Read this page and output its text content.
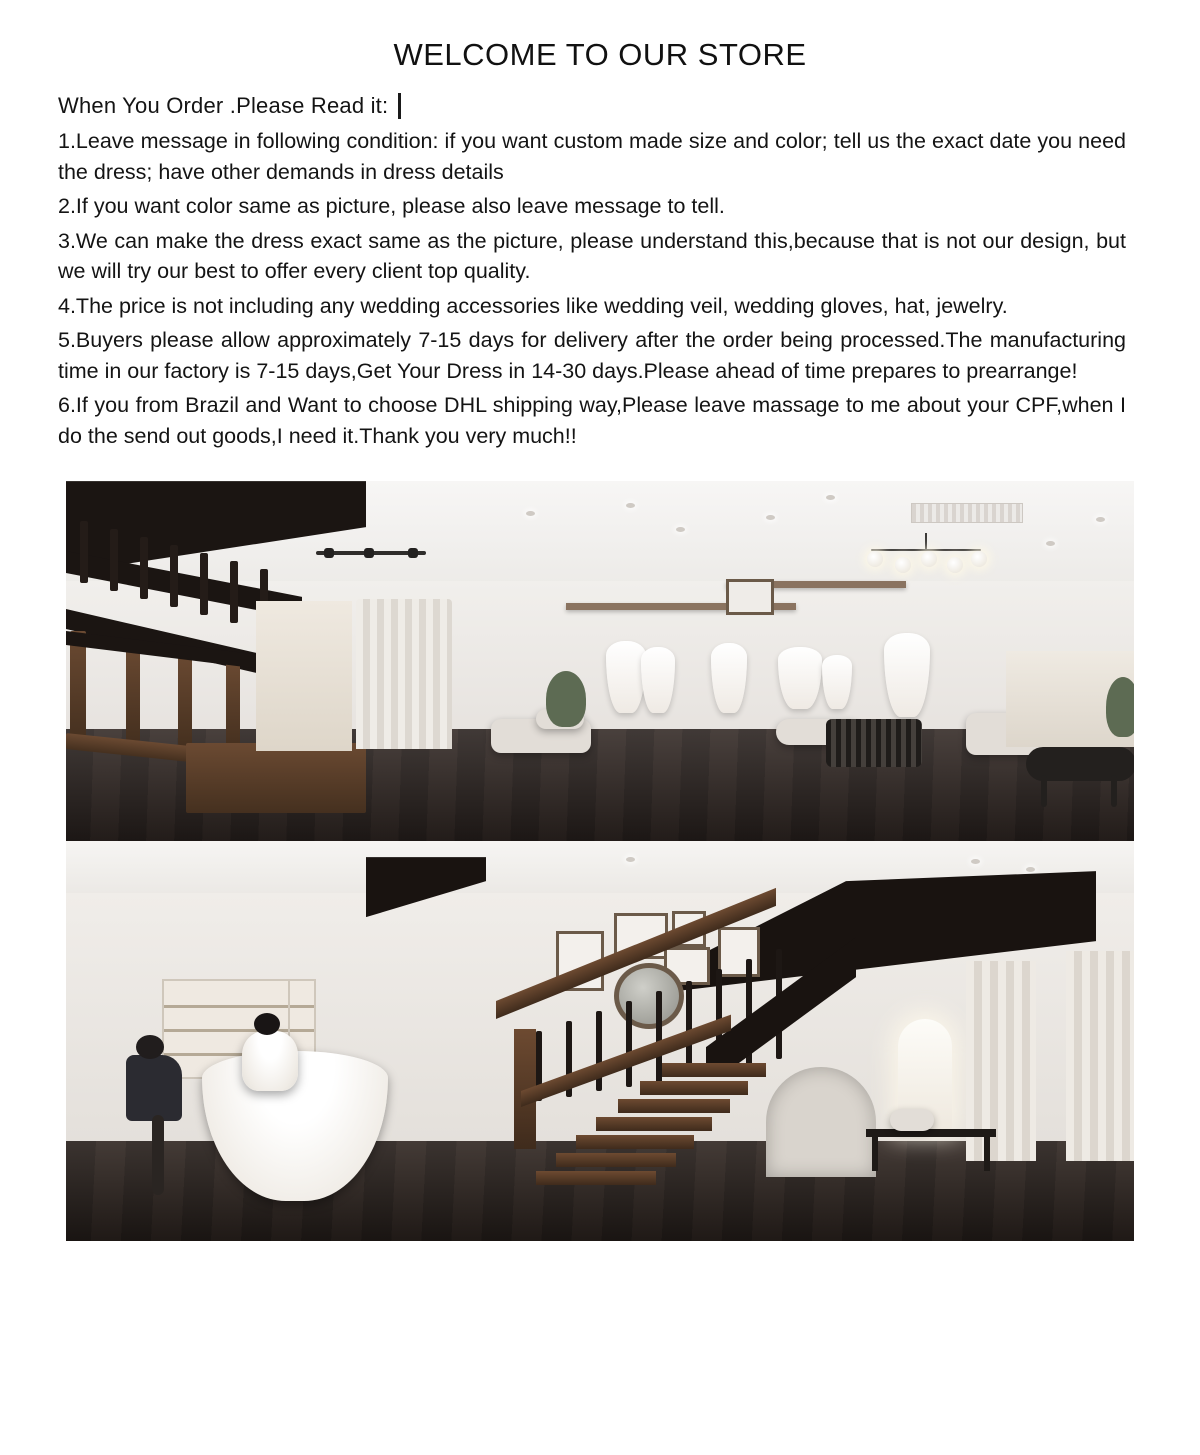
WELCOME TO OUR STORE
When You Order .Please Read it:

1.Leave message in following condition: if you want custom made size and color; tell us the exact date you need the dress; have other demands in dress details

2.If you want color same as picture, please also leave message to tell.

3.We can make the dress exact same as the picture, please understand this,because that is not our design, but we will try our best to offer every client top quality.

4.The price is not including any wedding accessories like wedding veil, wedding gloves, hat, jewelry.

5.Buyers please allow approximately 7-15 days for delivery after the order being processed.The manufacturing time in our factory is 7-15 days,Get Your Dress in 14-30 days.Please ahead of time prepares to prearrange!

6.If you from Brazil and Want to choose DHL shipping way,Please leave massage to me about your CPF,when I do the send out goods,I need it.Thank you very much!!
